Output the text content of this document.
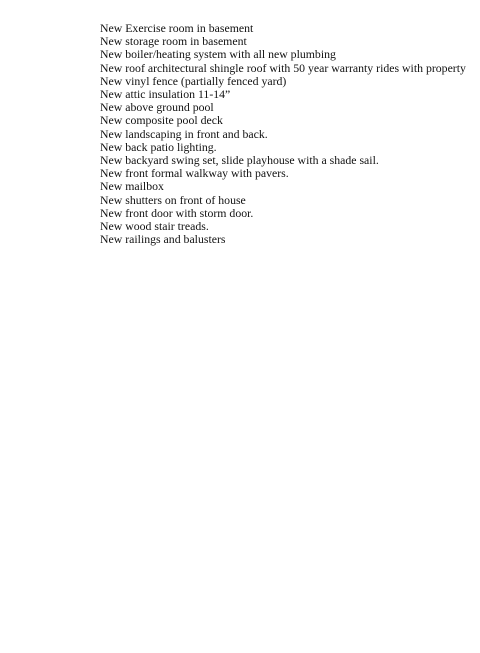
New Exercise room in basement
New storage room in basement
New boiler/heating system with all new plumbing
New roof architectural shingle roof with 50 year warranty rides with property
New vinyl fence (partially fenced yard)
New attic insulation 11-14”
New above ground pool
New composite pool deck
New landscaping in front and back.
New back patio lighting.
New backyard swing set, slide playhouse with a shade sail.
New front formal walkway with pavers.
New mailbox
New shutters on front of house
New front door with storm door.
New wood stair treads.
New railings and balusters
